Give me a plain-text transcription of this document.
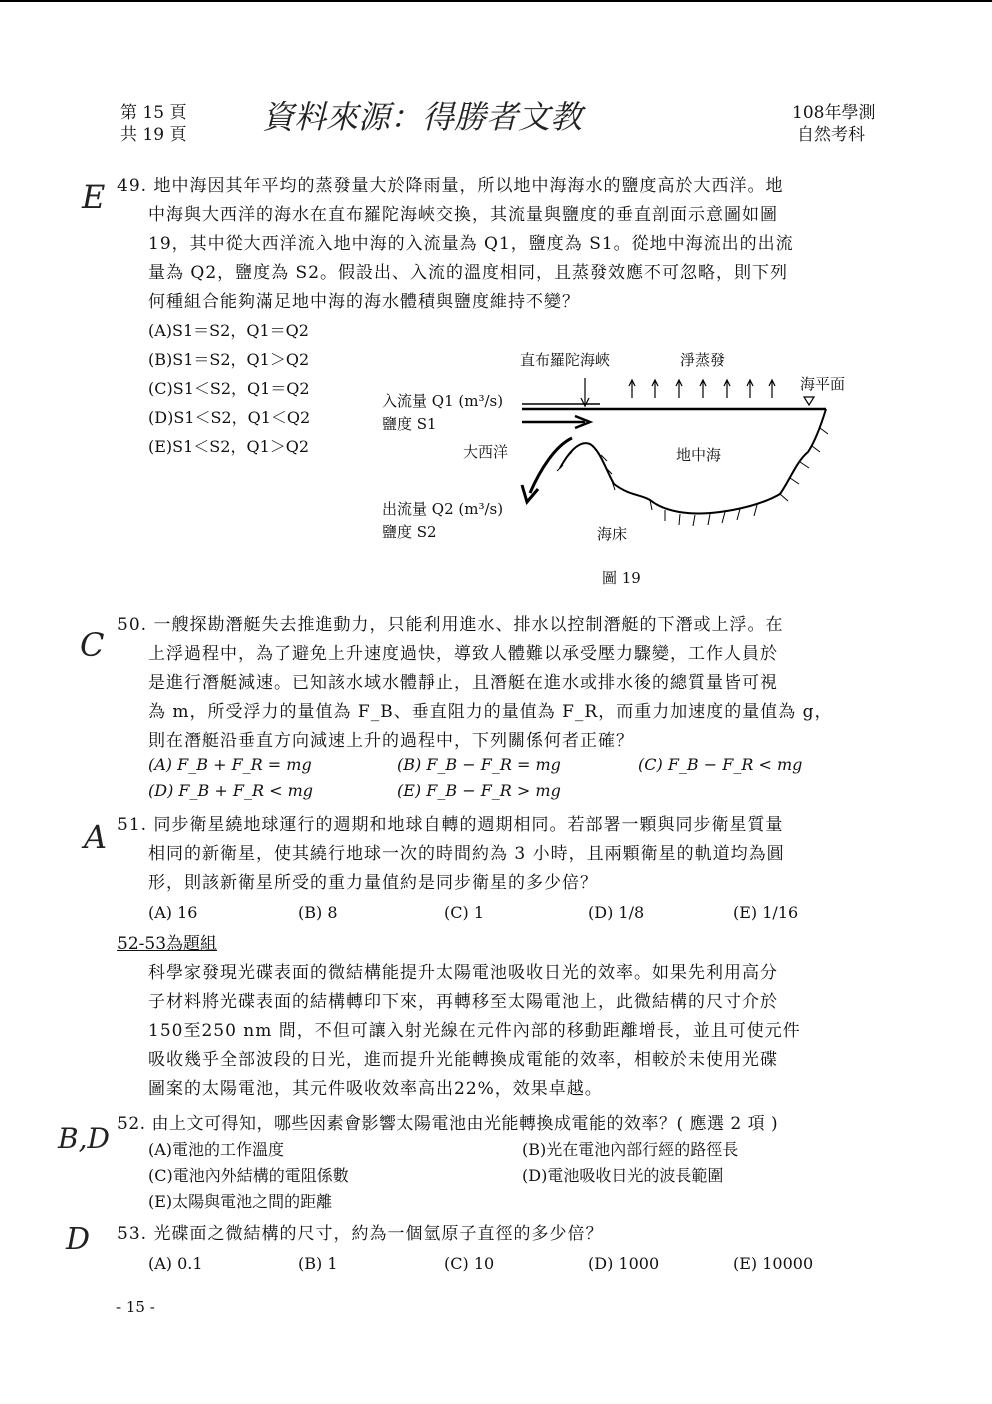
第 15 頁
共 19 頁 資料來源：得勝者文教	108年學測
自然考科
E 49. 地中海因其年平均的蒸發量大於降雨量，所以地中海海水的鹽度高於大西洋。地
中海與大西洋的海水在直布羅陀海峽交換，其流量與鹽度的垂直剖面示意圖如圖
19，其中從大西洋流入地中海的入流量為 Q1，鹽度為 S1。從地中海流出的出流
量為 Q2，鹽度為 S2。假設出、入流的溫度相同，且蒸發效應不可忽略，則下列
何種組合能夠滿足地中海的海水體積與鹽度維持不變？
(A)S1＝S2，Q1＝Q2
(B)S1＝S2，Q1＞Q2
(C)S1＜S2，Q1＝Q2
(D)S1＜S2，Q1＜Q2
(E)S1＜S2，Q1＞Q2
直布羅陀海峽	淨蒸發
海平面
入流量 Q1 (m³/s)
鹽度 S1
大西洋	地中海
出流量 Q2 (m³/s)
鹽度 S2	海床
圖 19
C
50. 一艘探勘潛艇失去推進動力，只能利用進水、排水以控制潛艇的下潛或上浮。在
上浮過程中，為了避免上升速度過快，導致人體難以承受壓力驟變，工作人員於
是進行潛艇減速。已知該水域水體靜止，且潛艇在進水或排水後的總質量皆可視
為 m，所受浮力的量值為 F_B、垂直阻力的量值為 F_R，而重力加速度的量值為 g，
則在潛艇沿垂直方向減速上升的過程中，下列關係何者正確？
(A) F_B + F_R = mg	(B) F_B − F_R = mg	(C) F_B − F_R < mg
(D) F_B + F_R < mg	(E) F_B − F_R > mg
A 51. 同步衛星繞地球運行的週期和地球自轉的週期相同。若部署一顆與同步衛星質量
相同的新衛星，使其繞行地球一次的時間約為 3 小時，且兩顆衛星的軌道均為圓
形，則該新衛星所受的重力量值約是同步衛星的多少倍？
(A) 16	(B) 8	(C) 1	(D) 1/8	(E) 1/16
52-53為題組
科學家發現光碟表面的微結構能提升太陽電池吸收日光的效率。如果先利用高分
子材料將光碟表面的結構轉印下來，再轉移至太陽電池上，此微結構的尺寸介於
150至250 nm 間，不但可讓入射光線在元件內部的移動距離增長，並且可使元件
吸收幾乎全部波段的日光，進而提升光能轉換成電能的效率，相較於未使用光碟
圖案的太陽電池，其元件吸收效率高出22%，效果卓越。
B,D 52. 由上文可得知，哪些因素會影響太陽電池由光能轉換成電能的效率？( 應選 2 項 )
(A)電池的工作溫度	(B)光在電池內部行經的路徑長
(C)電池內外結構的電阻係數	(D)電池吸收日光的波長範圍
(E)太陽與電池之間的距離
D 53. 光碟面之微結構的尺寸，約為一個氫原子直徑的多少倍？
(A) 0.1	(B) 1	(C) 10	(D) 1000	(E) 10000
- 15 -
